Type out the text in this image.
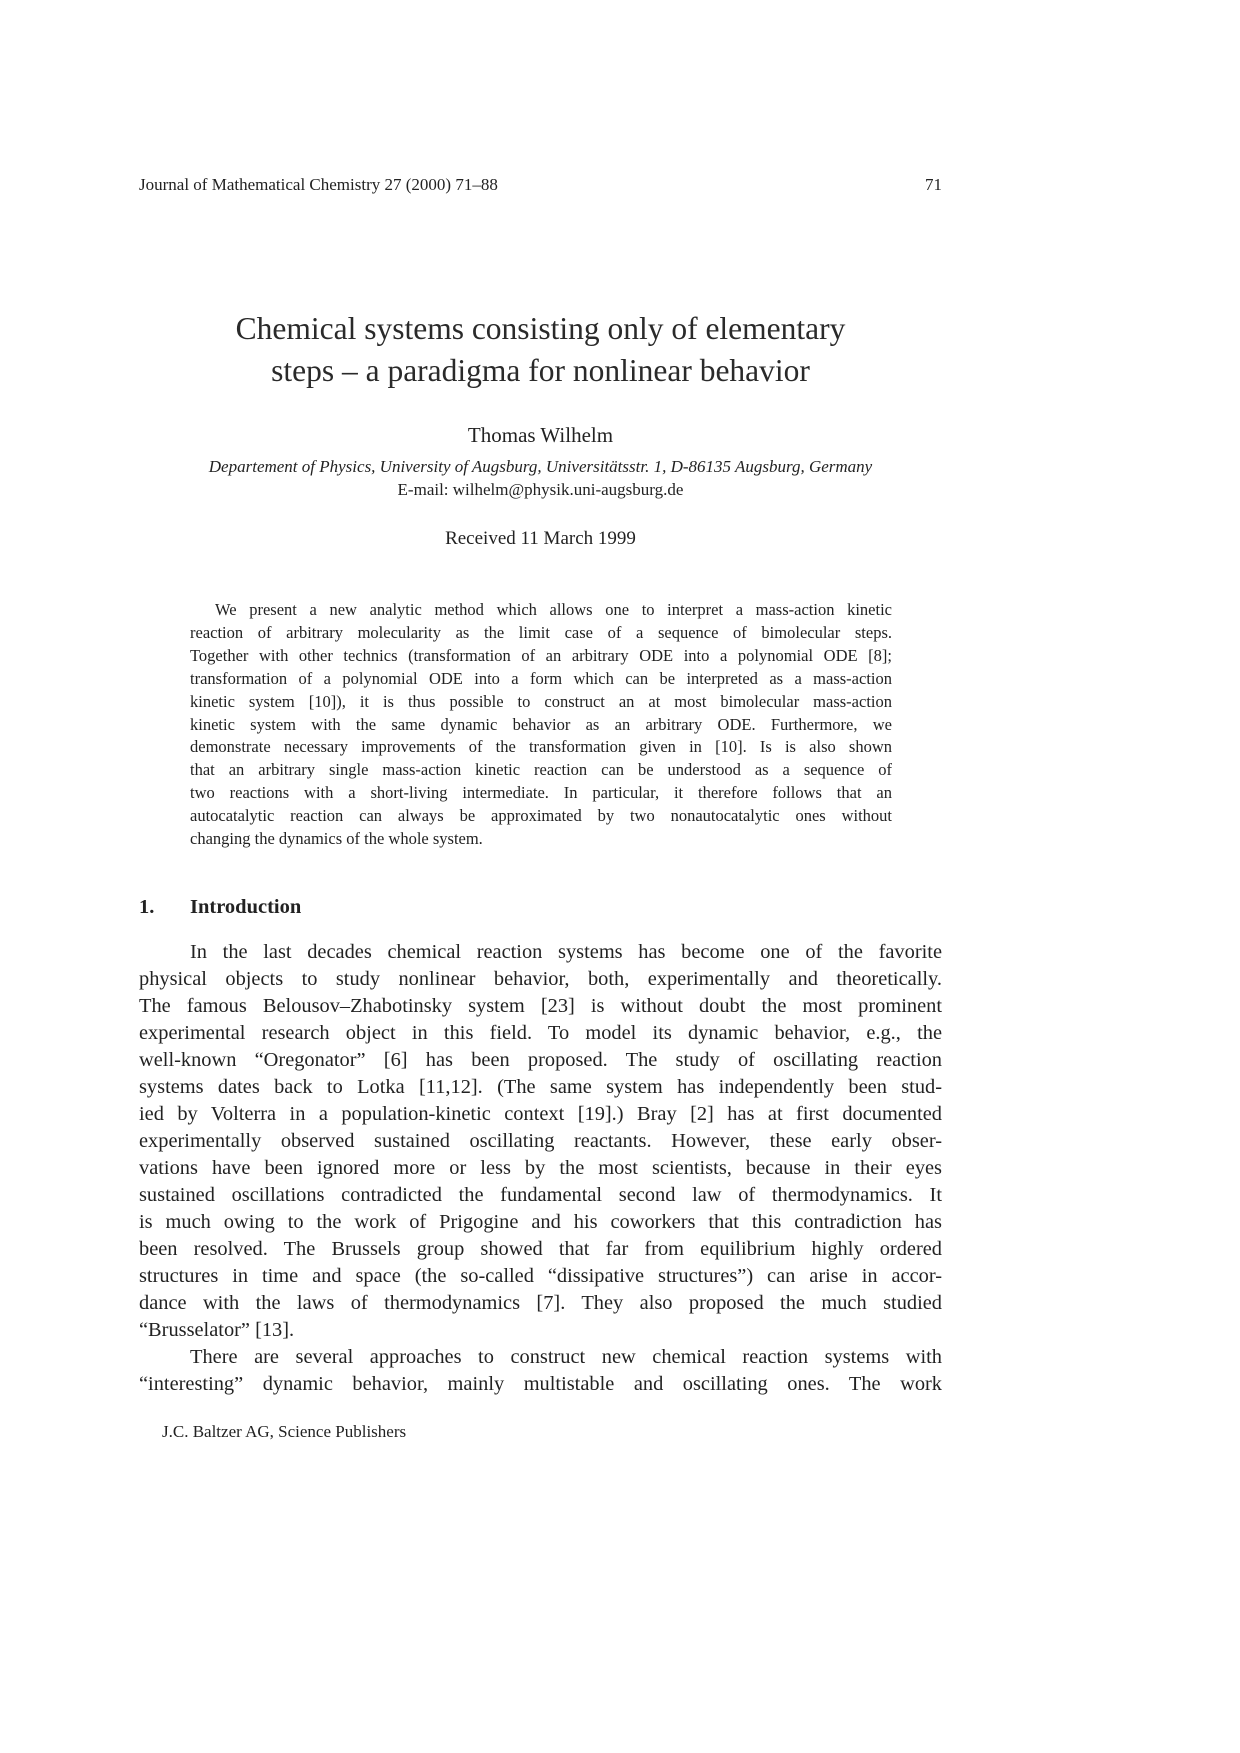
Journal of Mathematical Chemistry 27 (2000) 71–88	71
Chemical systems consisting only of elementary
steps – a paradigma for nonlinear behavior
Thomas Wilhelm
Departement of Physics, University of Augsburg, Universitätsstr. 1, D-86135 Augsburg, Germany
E-mail: wilhelm@physik.uni-augsburg.de
Received 11 March 1999
We present a new analytic method which allows one to interpret a mass-action kinetic
reaction of arbitrary molecularity as the limit case of a sequence of bimolecular steps.
Together with other technics (transformation of an arbitrary ODE into a polynomial ODE [8];
transformation of a polynomial ODE into a form which can be interpreted as a mass-action
kinetic system [10]), it is thus possible to construct an at most bimolecular mass-action
kinetic system with the same dynamic behavior as an arbitrary ODE. Furthermore, we
demonstrate necessary improvements of the transformation given in [10]. Is is also shown
that an arbitrary single mass-action kinetic reaction can be understood as a sequence of
two reactions with a short-living intermediate. In particular, it therefore follows that an
autocatalytic reaction can always be approximated by two nonautocatalytic ones without
changing the dynamics of the whole system.
1. Introduction
In the last decades chemical reaction systems has become one of the favorite
physical objects to study nonlinear behavior, both, experimentally and theoretically.
The famous Belousov–Zhabotinsky system [23] is without doubt the most prominent
experimental research object in this field. To model its dynamic behavior, e.g., the
well-known “Oregonator” [6] has been proposed. The study of oscillating reaction
systems dates back to Lotka [11,12]. (The same system has independently been stud-
ied by Volterra in a population-kinetic context [19].) Bray [2] has at first documented
experimentally observed sustained oscillating reactants. However, these early obser-
vations have been ignored more or less by the most scientists, because in their eyes
sustained oscillations contradicted the fundamental second law of thermodynamics. It
is much owing to the work of Prigogine and his coworkers that this contradiction has
been resolved. The Brussels group showed that far from equilibrium highly ordered
structures in time and space (the so-called “dissipative structures”) can arise in accor-
dance with the laws of thermodynamics [7]. They also proposed the much studied
“Brusselator” [13].
There are several approaches to construct new chemical reaction systems with
“interesting” dynamic behavior, mainly multistable and oscillating ones. The work
J.C. Baltzer AG, Science Publishers
